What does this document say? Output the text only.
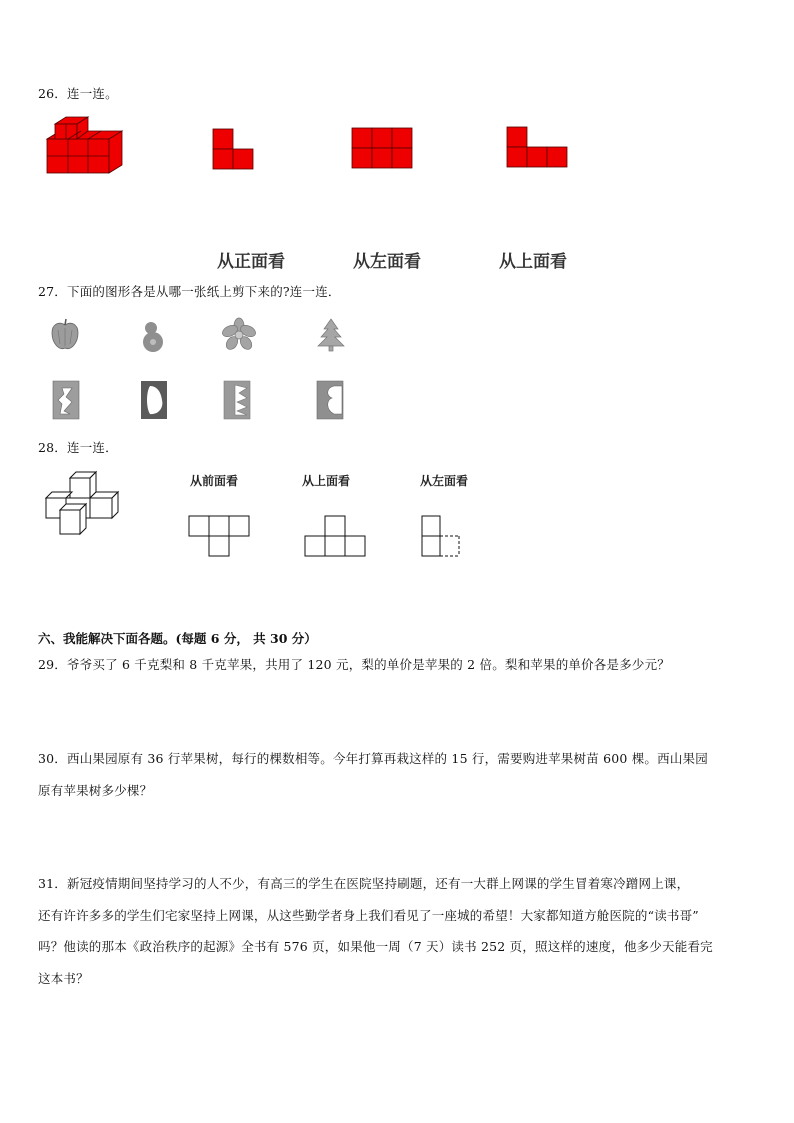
26．连一连。
从正面看	从左面看	从上面看
27．下面的图形各是从哪一张纸上剪下来的?连一连．
28．连一连．
从前面看	从上面看	从左面看
六、我能解决下面各题。(每题 6 分， 共 30 分）
29．爷爷买了 6 千克梨和 8 千克苹果，共用了 120 元，梨的单价是苹果的 2 倍。梨和苹果的单价各是多少元？
30．西山果园原有 36 行苹果树，每行的棵数相等。今年打算再栽这样的 15 行，需要购进苹果树苗 600 棵。西山果园
原有苹果树多少棵？
31．新冠疫情期间坚持学习的人不少，有高三的学生在医院坚持刷题，还有一大群上网课的学生冒着寒冷蹭网上课，
还有许许多多的学生们宅家坚持上网课，从这些勤学者身上我们看见了一座城的希望！大家都知道方舱医院的“读书哥”
吗？他读的那本《政治秩序的起源》全书有 576 页，如果他一周（7 天）读书 252 页，照这样的速度，他多少天能看完
这本书？
